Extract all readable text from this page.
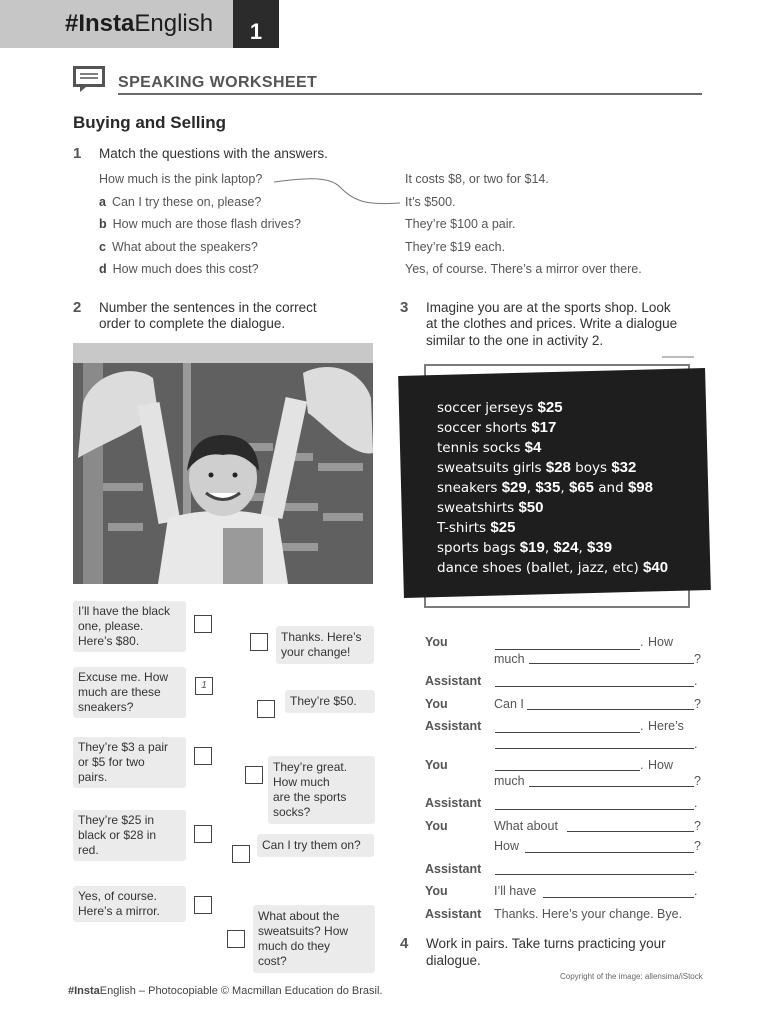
#InstaEnglish	1
SPEAKING WORKSHEET
Buying and Selling
1 Match the questions with the answers.
How much is the pink laptop?
a Can I try these on, please?
b How much are those flash drives?
c What about the speakers?
d How much does this cost?
It costs $8, or two for $14.
It’s $500.
They’re $100 a pair.
They’re $19 each.
Yes, of course. There’s a mirror over there.
2 Number the sentences in the correct
order to complete the dialogue.
I’ll have the black
one, please.
Here’s $80.
Excuse me. How
much are these
sneakers?
1
They’re $3 a pair
or $5 for two
pairs.
They’re $25 in
black or $28 in
red.
Yes, of course.
Here’s a mirror.
Thanks. Here’s
your change!
They’re $50.
They’re great.
How much
are the sports
socks?
Can I try them on?
What about the
sweatsuits? How
much do they
cost?
3 Imagine you are at the sports shop. Look
at the clothes and prices. Write a dialogue
similar to the one in activity 2.
soccer jerseys $25
soccer shorts $17
tennis socks $4
sweatsuits girls $28 boys $32
sneakers $29, $35, $65 and $98
sweatshirts $50
T-shirts $25
sports bags $19, $24, $39
dance shoes (ballet, jazz, etc) $40
You	. How
much	?
Assistant	.
You	Can I	?
Assistant	. Here’s
.
You	. How
much	?
Assistant	.
You	What about	?
How	?
Assistant	.
You	I’ll have	.
Assistant Thanks. Here’s your change. Bye.
4 Work in pairs. Take turns practicing your
dialogue.
Copyright of the image: allensima/iStock
#InstaEnglish – Photocopiable © Macmillan Education do Brasil.
